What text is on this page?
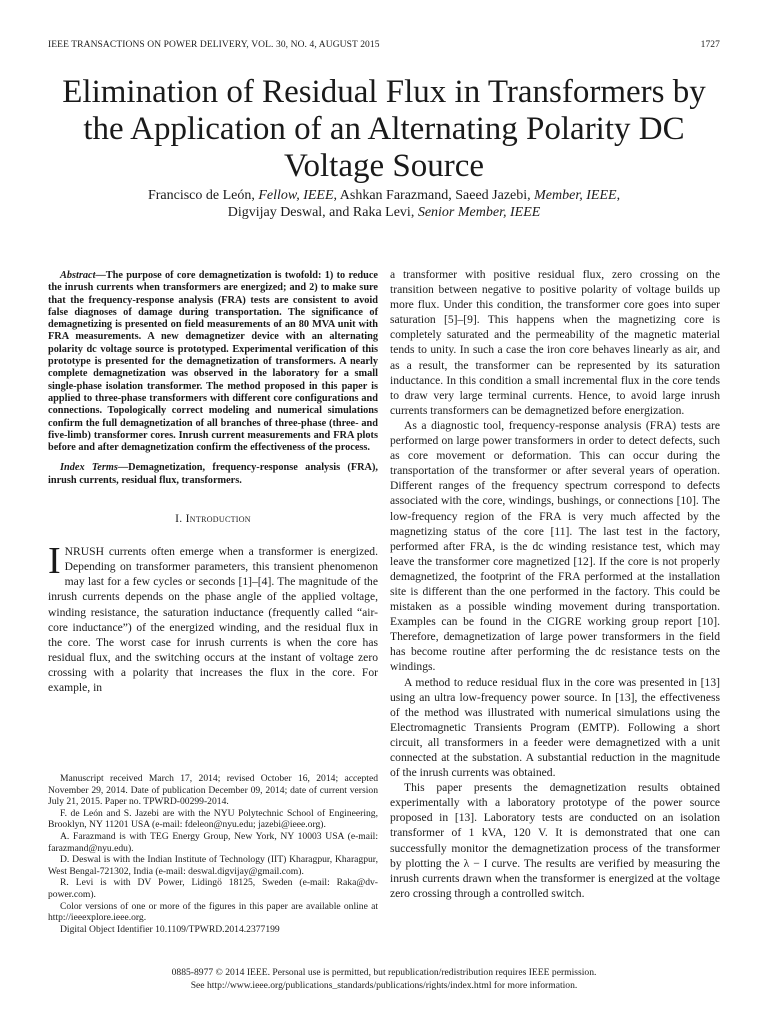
IEEE TRANSACTIONS ON POWER DELIVERY, VOL. 30, NO. 4, AUGUST 2015	1727
Elimination of Residual Flux in Transformers by the Application of an Alternating Polarity DC Voltage Source
Francisco de León, Fellow, IEEE, Ashkan Farazmand, Saeed Jazebi, Member, IEEE,
Digvijay Deswal, and Raka Levi, Senior Member, IEEE

Abstract—The purpose of core demagnetization is twofold: 1) to reduce the inrush currents when transformers are energized; and 2) to make sure that the frequency-response analysis (FRA) tests are consistent to avoid false diagnoses of damage during transportation. The significance of demagnetizing is presented on field measurements of an 80 MVA unit with FRA measurements. A new demagnetizer device with an alternating polarity dc voltage source is prototyped. Experimental verification of this prototype is presented for the demagnetization of transformers. A nearly complete demagnetization was observed in the laboratory for a small single-phase isolation transformer. The method proposed in this paper is applied to three-phase transformers with different core configurations and connections. Topologically correct modeling and numerical simulations confirm the full demagnetization of all branches of three-phase (three- and five-limb) transformer cores. Inrush current measurements and FRA plots before and after demagnetization confirm the effectiveness of the process.

Index Terms—Demagnetization, frequency-response analysis (FRA), inrush currents, residual flux, transformers.

I. Introduction

INRUSH currents often emerge when a transformer is energized. Depending on transformer parameters, this transient phenomenon may last for a few cycles or seconds [1]–[4]. The magnitude of the inrush currents depends on the phase angle of the applied voltage, winding resistance, the saturation inductance (frequently called “air-core inductance”) of the energized winding, and the residual flux in the core. The worst case for inrush currents is when the core has residual flux, and the switching occurs at the instant of voltage zero crossing with a polarity that increases the flux in the core. For example, in

Manuscript received March 17, 2014; revised October 16, 2014; accepted November 29, 2014. Date of publication December 09, 2014; date of current version July 21, 2015. Paper no. TPWRD-00299-2014.

F. de León and S. Jazebi are with the NYU Polytechnic School of Engineering, Brooklyn, NY 11201 USA (e-mail: fdeleon@nyu.edu; jazebi@ieee.org).

A. Farazmand is with TEG Energy Group, New York, NY 10003 USA (e-mail: farazmand@nyu.edu).

D. Deswal is with the Indian Institute of Technology (IIT) Kharagpur, Kharagpur, West Bengal-721302, India (e-mail: deswal.digvijay@gmail.com).

R. Levi is with DV Power, Lidingö 18125, Sweden (e-mail: Raka@dv-power.com).

Color versions of one or more of the figures in this paper are available online at http://ieeexplore.ieee.org.

Digital Object Identifier 10.1109/TPWRD.2014.2377199

a transformer with positive residual flux, zero crossing on the transition between negative to positive polarity of voltage builds up more flux. Under this condition, the transformer core goes into super saturation [5]–[9]. This happens when the magnetizing core is completely saturated and the permeability of the magnetic material tends to unity. In such a case the iron core behaves linearly as air, and as a result, the transformer can be represented by its saturation inductance. In this condition a small incremental flux in the core tends to draw very large terminal currents. Hence, to avoid large inrush currents transformers can be demagnetized before energization.

As a diagnostic tool, frequency-response analysis (FRA) tests are performed on large power transformers in order to detect defects, such as core movement or deformation. This can occur during the transportation of the transformer or after several years of operation. Different ranges of the frequency spectrum correspond to defects associated with the core, windings, bushings, or connections [10]. The low-frequency region of the FRA is very much affected by the magnetizing status of the core [11]. The last test in the factory, performed after FRA, is the dc winding resistance test, which may leave the transformer core magnetized [12]. If the core is not properly demagnetized, the footprint of the FRA performed at the installation site is different than the one performed in the factory. This could be mistaken as a possible winding movement during transportation. Examples can be found in the CIGRE working group report [10]. Therefore, demagnetization of large power transformers in the field has become routine after performing the dc resistance tests on the windings.

A method to reduce residual flux in the core was presented in [13] using an ultra low-frequency power source. In [13], the effectiveness of the method was illustrated with numerical simulations using the Electromagnetic Transients Program (EMTP). Following a short circuit, all transformers in a feeder were demagnetized with a unit connected at the substation. A substantial reduction in the magnitude of the inrush currents was obtained.

This paper presents the demagnetization results obtained experimentally with a laboratory prototype of the power source proposed in [13]. Laboratory tests are conducted on an isolation transformer of 1 kVA, 120 V. It is demonstrated that one can successfully monitor the demagnetization process of the transformer by plotting the λ − I curve. The results are verified by measuring the inrush currents drawn when the transformer is energized at the voltage zero crossing through a controlled switch.

0885-8977 © 2014 IEEE. Personal use is permitted, but republication/redistribution requires IEEE permission.
See http://www.ieee.org/publications_standards/publications/rights/index.html for more information.
